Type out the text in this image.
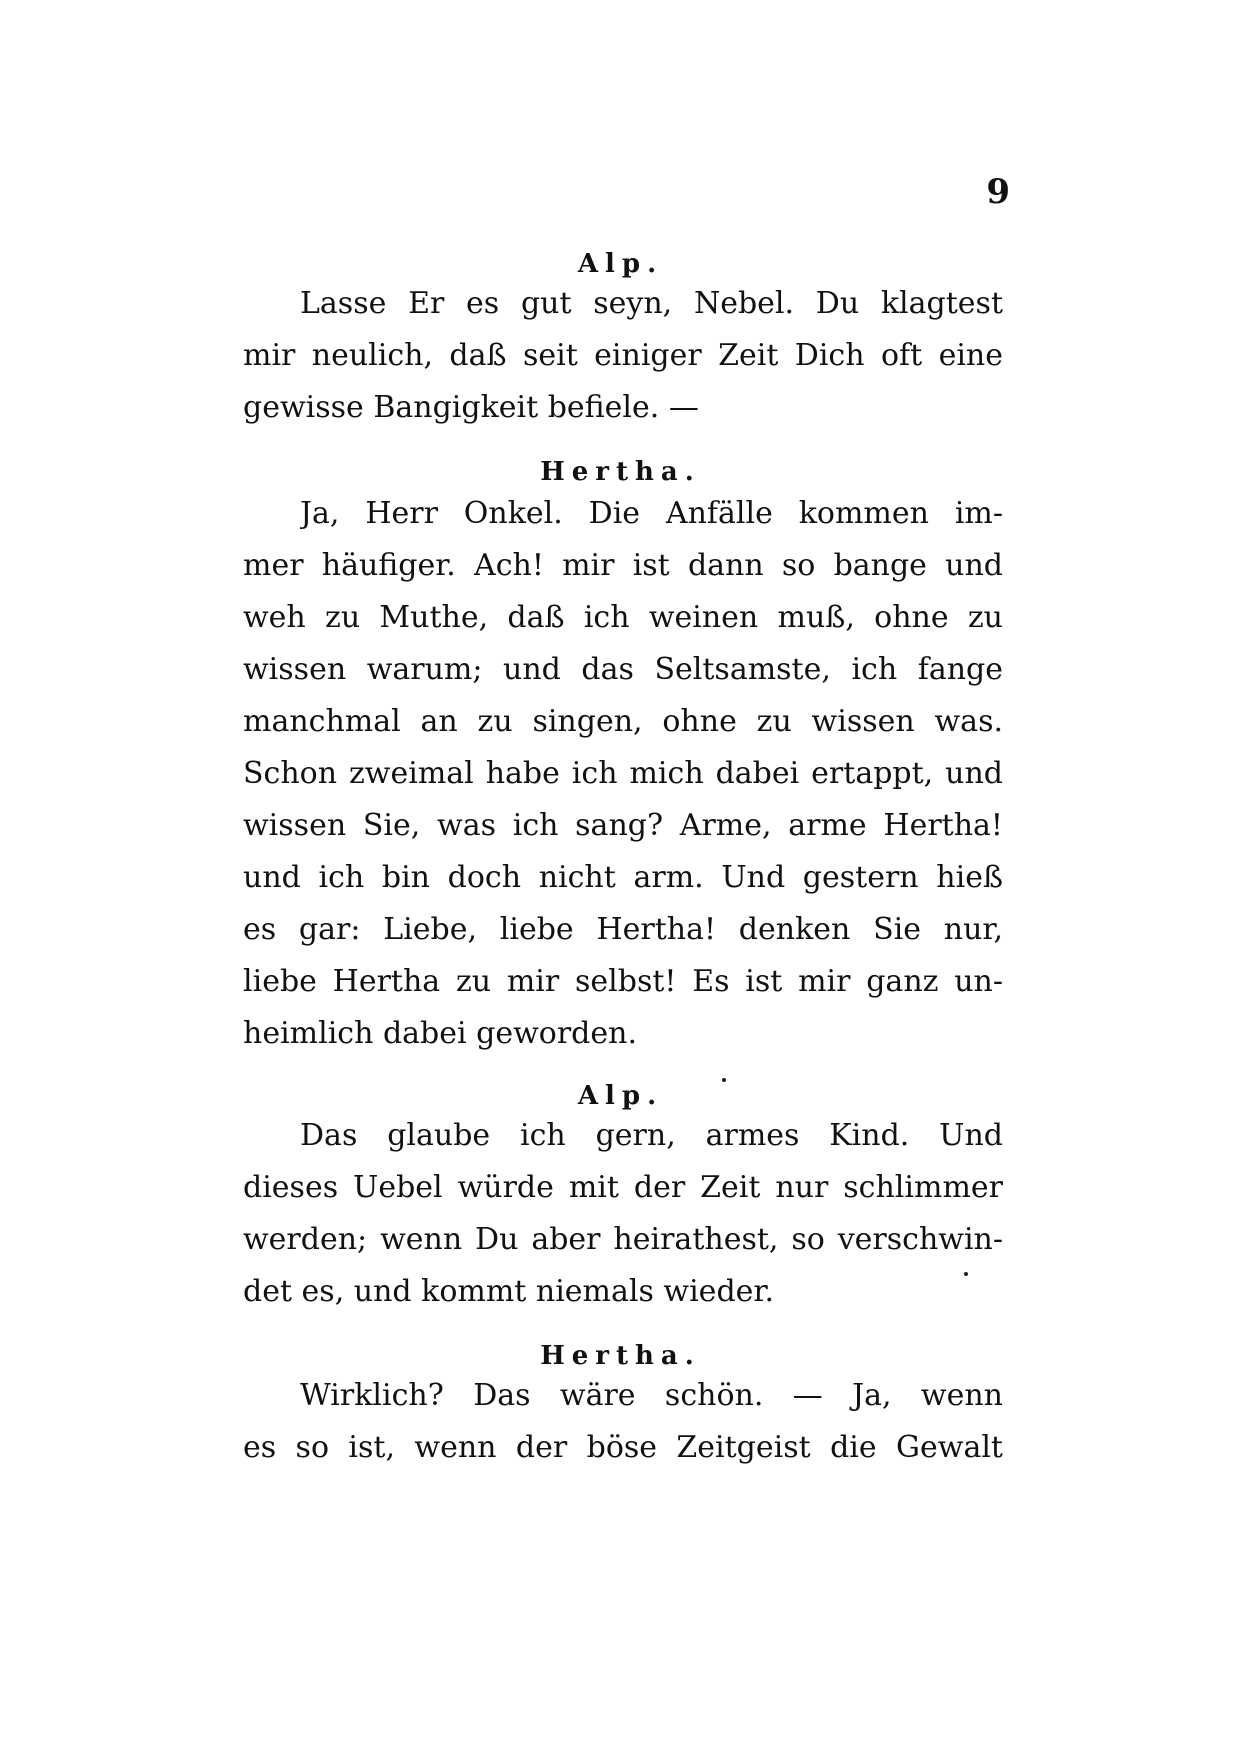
9
Alp.
Lasse Er es gut seyn, Nebel. Du klagtest
mir neulich, daß seit einiger Zeit Dich oft eine
gewisse Bangigkeit befiele. —
Hertha.
Ja, Herr Onkel. Die Anfälle kommen im-
mer häufiger. Ach! mir ist dann so bange und
weh zu Muthe, daß ich weinen muß, ohne zu
wissen warum; und das Seltsamste, ich fange
manchmal an zu singen, ohne zu wissen was.
Schon zweimal habe ich mich dabei ertappt, und
wissen Sie, was ich sang? Arme, arme Hertha!
und ich bin doch nicht arm. Und gestern hieß
es gar: Liebe, liebe Hertha! denken Sie nur,
liebe Hertha zu mir selbst! Es ist mir ganz un-
heimlich dabei geworden.
Alp.
Das glaube ich gern, armes Kind. Und
dieses Uebel würde mit der Zeit nur schlimmer
werden; wenn Du aber heirathest, so verschwin-
det es, und kommt niemals wieder.
Hertha.
Wirklich? Das wäre schön. — Ja, wenn
es so ist, wenn der böse Zeitgeist die Gewalt
